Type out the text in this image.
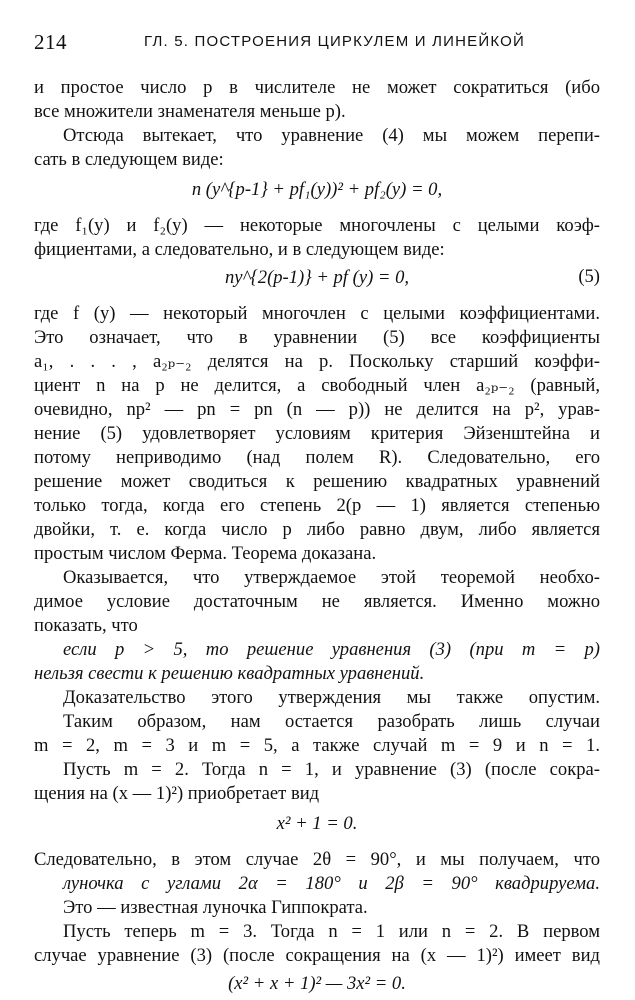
214	ГЛ. 5. ПОСТРОЕНИЯ ЦИРКУЛЕМ И ЛИНЕЙКОЙ
и простое число p в числителе не может сократиться (ибо
все множители знаменателя меньше p).
Отсюда вытекает, что уравнение (4) мы можем перепи-
сать в следующем виде:
n (y^{p-1} + pf₁(y))² + pf₂(y) = 0,
где f₁(y) и f₂(y) — некоторые многочлены с целыми коэф-
фициентами, а следовательно, и в следующем виде:
ny^{2(p-1)} + pf (y) = 0,	(5)
где f (y) — некоторый многочлен с целыми коэффициентами.
Это означает, что в уравнении (5) все коэффициенты
a₁, . . . , a₂ₚ₋₂ делятся на p. Поскольку старший коэффи-
циент n на p не делится, а свободный член a₂ₚ₋₂ (равный,
очевидно, np² — pn = pn (n — p)) не делится на p², урав-
нение (5) удовлетворяет условиям критерия Эйзенштейна и
потому неприводимо (над полем R). Следовательно, его
решение может сводиться к решению квадратных уравнений
только тогда, когда его степень 2(p — 1) является степенью
двойки, т. е. когда число p либо равно двум, либо является
простым числом Ферма. Теорема доказана.
Оказывается, что утверждаемое этой теоремой необхо-
димое условие достаточным не является. Именно можно
показать, что
если p > 5, то решение уравнения (3) (при m = p)
нельзя свести к решению квадратных уравнений.
Доказательство этого утверждения мы также опустим.
Таким образом, нам остается разобрать лишь случаи
m = 2, m = 3 и m = 5, а также случай m = 9 и n = 1.
Пусть m = 2. Тогда n = 1, и уравнение (3) (после сокра-
щения на (x — 1)²) приобретает вид
x² + 1 = 0.
Следовательно, в этом случае 2θ = 90°, и мы получаем, что
луночка с углами 2α = 180° и 2β = 90° квадрируема.
Это — известная луночка Гиппократа.
Пусть теперь m = 3. Тогда n = 1 или n = 2. В первом
случае уравнение (3) (после сокращения на (x — 1)²) имеет вид
(x² + x + 1)² — 3x² = 0.
